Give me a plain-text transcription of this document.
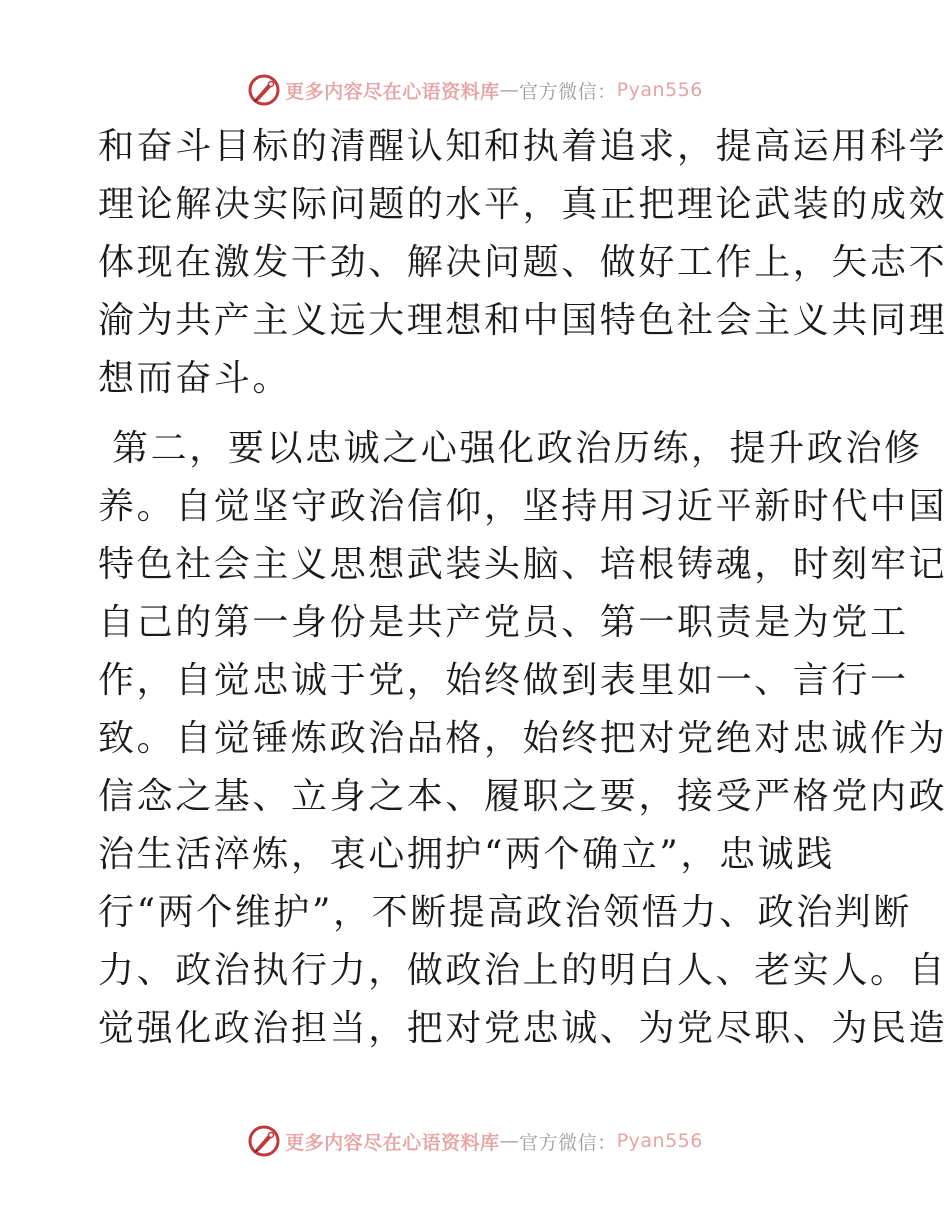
更多内容尽在心语资料库 — 官方微信： Pyan556
和奋斗目标的清醒认知和执着追求，提高运用科学
理论解决实际问题的水平，真正把理论武装的成效
体现在激发干劲、解决问题、做好工作上，矢志不
渝为共产主义远大理想和中国特色社会主义共同理
想而奋斗。
第二，要以忠诚之心强化政治历练，提升政治修
养。自觉坚守政治信仰，坚持用习近平新时代中国
特色社会主义思想武装头脑、培根铸魂，时刻牢记
自己的第一身份是共产党员、第一职责是为党工
作，自觉忠诚于党，始终做到表里如一、言行一
致。自觉锤炼政治品格，始终把对党绝对忠诚作为
信念之基、立身之本、履职之要，接受严格党内政
治生活淬炼，衷心拥护“两个确立”，忠诚践
行“两个维护”，不断提高政治领悟力、政治判断
力、政治执行力，做政治上的明白人、老实人。自
觉强化政治担当，把对党忠诚、为党尽职、为民造
更多内容尽在心语资料库 — 官方微信： Pyan556
